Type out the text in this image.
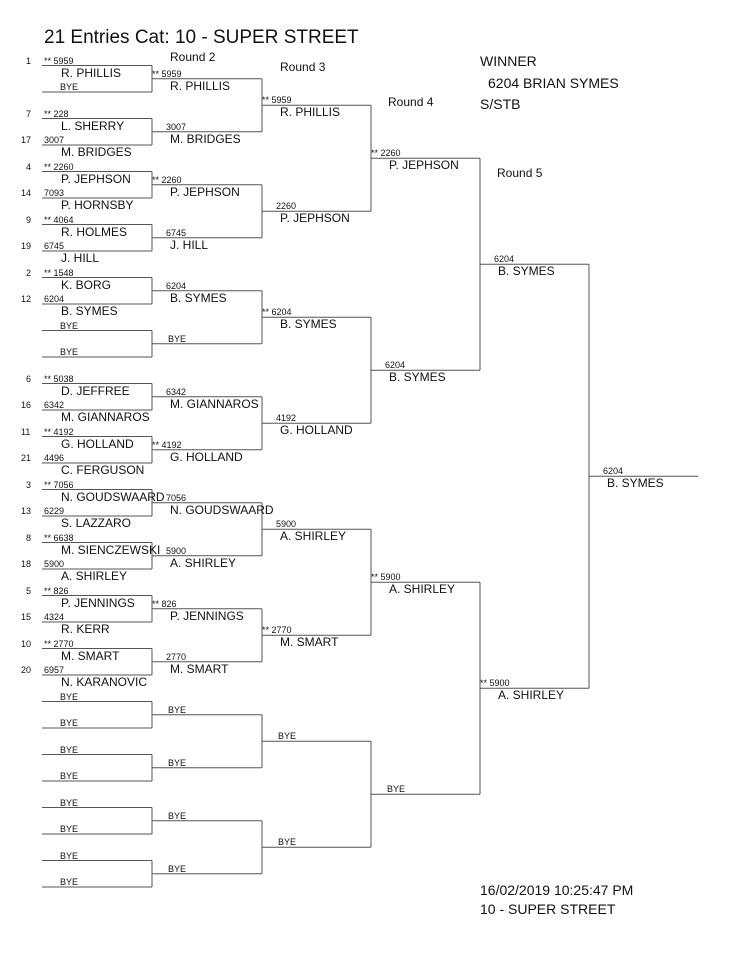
21 Entries Cat: 10 - SUPER STREET
Round 2
Round 3
Round 4
Round 5
WINNER
6204 BRIAN SYMES
S/STB
16/02/2019 10:25:47 PM
10 - SUPER STREET
1 ** 5959
R. PHILLIS
BYE
7 ** 228
L. SHERRY
17 3007
M. BRIDGES
4 ** 2260
P. JEPHSON
14 7093
P. HORNSBY
9 ** 4064
R. HOLMES
19 6745
J. HILL
2 ** 1548
K. BORG
12 6204
B. SYMES
BYE
BYE
6 ** 5038
D. JEFFREE
16 6342
M. GIANNAROS
11 ** 4192
G. HOLLAND
21 4496
C. FERGUSON
3 ** 7056
N. GOUDSWAARD
13 6229
S. LAZZARO
8 ** 6638
M. SIENCZEWSKI
18 5900
A. SHIRLEY
5 ** 826
P. JENNINGS
15 4324
R. KERR
10 ** 2770
M. SMART
20 6957
N. KARANOVIC
BYE
BYE
BYE
BYE
BYE
BYE
BYE
BYE
** 5959
R. PHILLIS
3007
M. BRIDGES
** 2260
P. JEPHSON
6745
J. HILL
6204
B. SYMES
BYE
6342
M. GIANNAROS
** 4192
G. HOLLAND
7056
N. GOUDSWAARD
5900
A. SHIRLEY
** 826
P. JENNINGS
2770
M. SMART
BYE
BYE
BYE
BYE
** 5959
R. PHILLIS
2260
P. JEPHSON
** 6204
B. SYMES
4192
G. HOLLAND
5900
A. SHIRLEY
** 2770
M. SMART
BYE
BYE
** 2260
P. JEPHSON
6204
B. SYMES
** 5900
A. SHIRLEY
BYE
6204
B. SYMES
** 5900
A. SHIRLEY
6204
B. SYMES
